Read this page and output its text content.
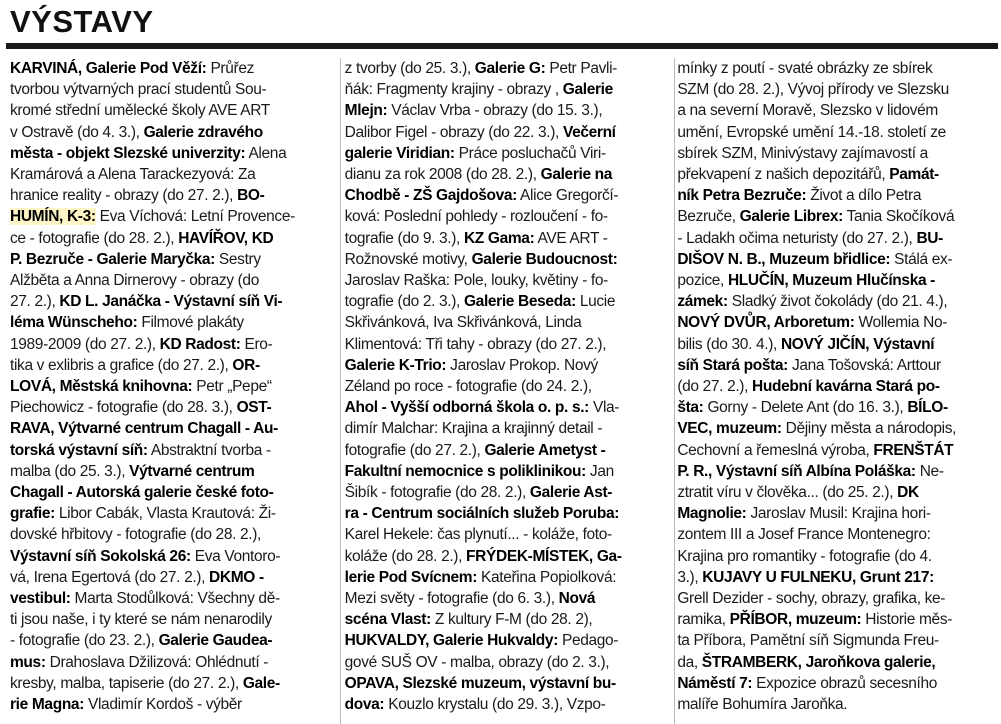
VÝSTAVY
KARVINÁ, Galerie Pod Věží: Průřez
tvorbou výtvarných prací studentů Sou-
kromé střední umělecké školy AVE ART
v Ostravě (do 4. 3.), Galerie zdravého
města - objekt Slezské univerzity: Alena
Kramárová a Alena Tarackezyová: Za
hranice reality - obrazy (do 27. 2.), BO-
HUMÍN, K-3: Eva Víchová: Letní Provence-
ce - fotografie (do 28. 2.), HAVÍŘOV, KD
P. Bezruče - Galerie Maryčka: Sestry
Alžběta a Anna Dirnerovy - obrazy (do
27. 2.), KD L. Janáčka - Výstavní síň Vi-
léma Wünscheho: Filmové plakáty
1989-2009 (do 27. 2.), KD Radost: Ero-
tika v exlibris a grafice (do 27. 2.), OR-
LOVÁ, Městská knihovna: Petr „Pepe“
Piechowicz - fotografie (do 28. 3.), OST-
RAVA, Výtvarné centrum Chagall - Au-
torská výstavní síň: Abstraktní tvorba -
malba (do 25. 3.), Výtvarné centrum
Chagall - Autorská galerie české foto-
grafie: Libor Cabák, Vlasta Krautová: Ži-
dovské hřbitovy - fotografie (do 28. 2.),
Výstavní síň Sokolská 26: Eva Vontoro-
vá, Irena Egertová (do 27. 2.), DKMO -
vestibul: Marta Stodůlková: Všechny dě-
ti jsou naše, i ty které se nám nenarodily
- fotografie (do 23. 2.), Galerie Gaudea-
mus: Drahoslava Džilizová: Ohlédnutí -
kresby, malba, tapiserie (do 27. 2.), Gale-
rie Magna: Vladimír Kordoš - výběr
z tvorby (do 25. 3.), Galerie G: Petr Pavli-
ňák: Fragmenty krajiny - obrazy , Galerie
Mlejn: Václav Vrba - obrazy (do 15. 3.),
Dalibor Figel - obrazy (do 22. 3.), Večerní
galerie Viridian: Práce posluchačů Viri-
dianu za rok 2008 (do 28. 2.), Galerie na
Chodbě - ZŠ Gajdošova: Alice Gregorčí-
ková: Poslední pohledy - rozloučení - fo-
tografie (do 9. 3.), KZ Gama: AVE ART -
Rožnovské motivy, Galerie Budoucnost:
Jaroslav Raška: Pole, louky, květiny - fo-
tografie (do 2. 3.), Galerie Beseda: Lucie
Skřivánková, Iva Skřivánková, Linda
Klimentová: Tři tahy - obrazy (do 27. 2.),
Galerie K-Trio: Jaroslav Prokop. Nový
Zéland po roce - fotografie (do 24. 2.),
Ahol - Vyšší odborná škola o. p. s.: Vla-
dimír Malchar: Krajina a krajinný detail -
fotografie (do 27. 2.), Galerie Ametyst -
Fakultní nemocnice s poliklinikou: Jan
Šibík - fotografie (do 28. 2.), Galerie Ast-
ra - Centrum sociálních služeb Poruba:
Karel Hekele: čas plynutí... - koláže, foto-
koláže (do 28. 2.), FRÝDEK-MÍSTEK, Ga-
lerie Pod Svícnem: Kateřina Popiolková:
Mezi světy - fotografie (do 6. 3.), Nová
scéna Vlast: Z kultury F-M (do 28. 2),
HUKVALDY, Galerie Hukvaldy: Pedago-
gové SUŠ OV - malba, obrazy (do 2. 3.),
OPAVA, Slezské muzeum, výstavní bu-
dova: Kouzlo krystalu (do 29. 3.), Vzpo-
mínky z poutí - svaté obrázky ze sbírek
SZM (do 28. 2.), Vývoj přírody ve Slezsku
a na severní Moravě, Slezsko v lidovém
umění, Evropské umění 14.-18. století ze
sbírek SZM, Minivýstavy zajímavostí a
překvapení z našich depozitářů, Památ-
ník Petra Bezruče: Život a dílo Petra
Bezruče, Galerie Librex: Tania Skočíková
- Ladakh očima neturisty (do 27. 2.), BU-
DIŠOV N. B., Muzeum břidlice: Stálá ex-
pozice, HLUČÍN, Muzeum Hlučínska -
zámek: Sladký život čokolády (do 21. 4.),
NOVÝ DVŮR, Arboretum: Wollemia No-
bilis (do 30. 4.), NOVÝ JIČÍN, Výstavní
síň Stará pošta: Jana Tošovská: Arttour
(do 27. 2.), Hudební kavárna Stará po-
šta: Gorny - Delete Ant (do 16. 3.), BÍLO-
VEC, muzeum: Dějiny města a národopis,
Cechovní a řemeslná výroba, FRENŠTÁT
P. R., Výstavní síň Albína Poláška: Ne-
ztratit víru v člověka... (do 25. 2.), DK
Magnolie: Jaroslav Musil: Krajina hori-
zontem III a Josef France Montenegro:
Krajina pro romantiky - fotografie (do 4.
3.), KUJAVY U FULNEKU, Grunt 217:
Grell Dezider - sochy, obrazy, grafika, ke-
ramika, PŘÍBOR, muzeum: Historie měs-
ta Příbora, Pamětní síň Sigmunda Freu-
da, ŠTRAMBERK, Jaroňkova galerie,
Náměstí 7: Expozice obrazů secesního
malíře Bohumíra Jaroňka.
